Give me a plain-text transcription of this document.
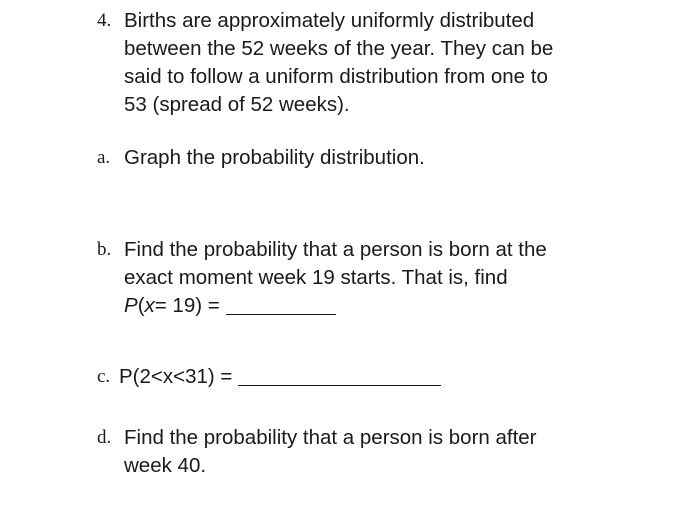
4. Births are approximately uniformly distributed
between the 52 weeks of the year. They can be
said to follow a uniform distribution from one to
53 (spread of 52 weeks).
a. Graph the probability distribution.
b. Find the probability that a person is born at the
exact moment week 19 starts. That is, find
P ( x = 19) =
c. P(2<x<31) =
d. Find the probability that a person is born after
week 40.
